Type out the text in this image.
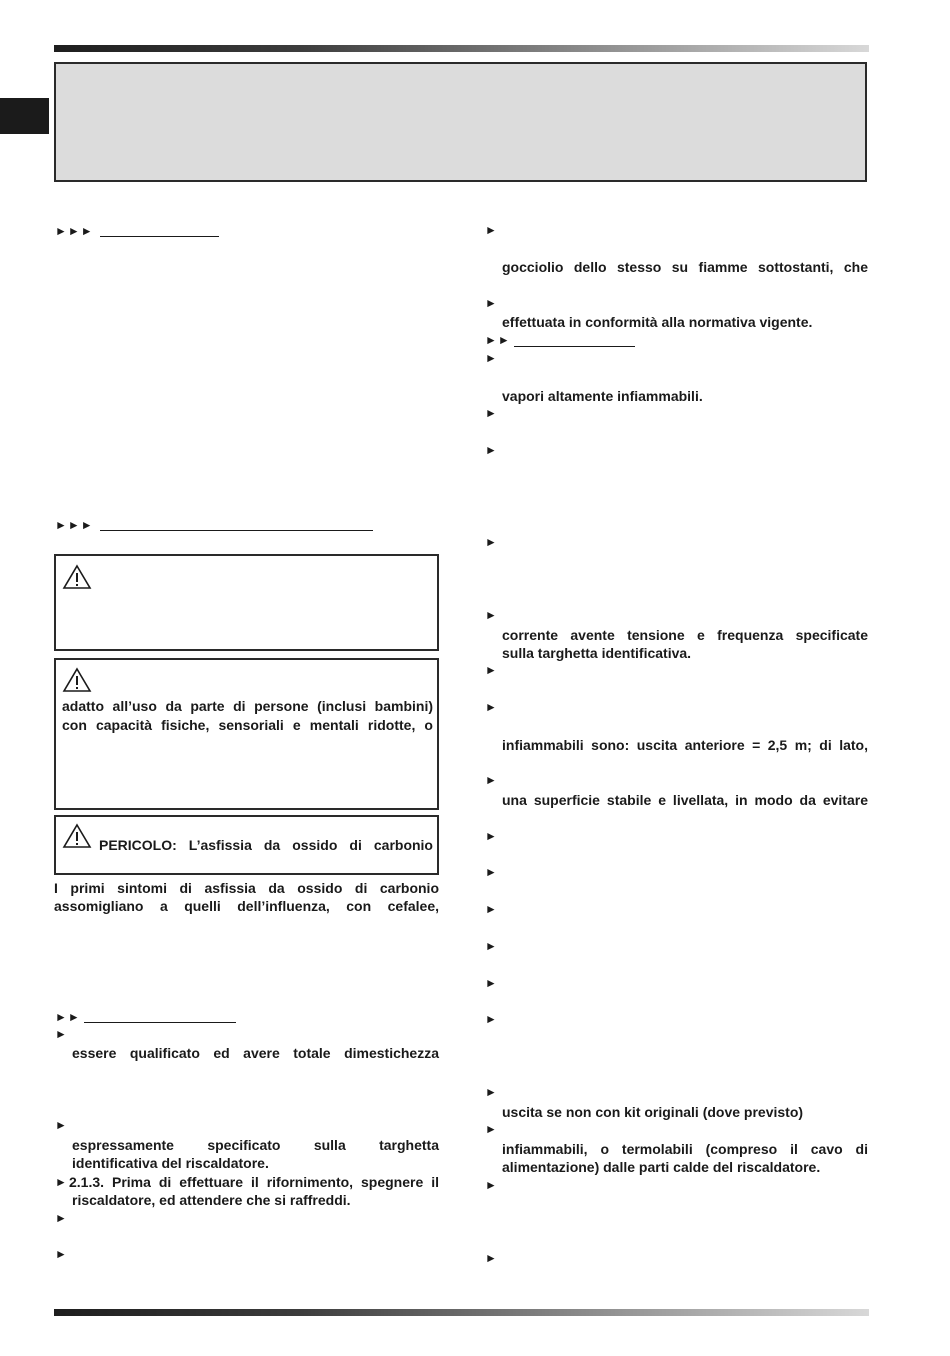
►►►
►►►
adatto all’uso da parte di persone (inclusi bambini)
con capacità fisiche, sensoriali e mentali ridotte, o
PERICOLO: L’asfissia da ossido di carbonio
I primi sintomi di asfissia da ossido di carbonio
assomigliano a quelli dell’influenza, con cefalee,
►►
►
essere qualificato ed avere totale dimestichezza
►
espressamente specificato sulla targhetta
identificativa del riscaldatore.
► 2.1.3. Prima di effettuare il rifornimento, spegnere il
riscaldatore, ed attendere che si raffreddi.
►
►
►
gocciolio dello stesso su fiamme sottostanti, che
►
effettuata in conformità alla normativa vigente.
►►
►
vapori altamente infiammabili.
►
►
►
►
corrente avente tensione e frequenza specificate
sulla targhetta identificativa.
►
►
infiammabili sono: uscita anteriore = 2,5 m; di lato,
►
una superficie stabile e livellata, in modo da evitare
►
►
►
►
►
►
►
uscita se non con kit originali (dove previsto)
►
infiammabili, o termolabili (compreso il cavo di
alimentazione) dalle parti calde del riscaldatore.
►
►
